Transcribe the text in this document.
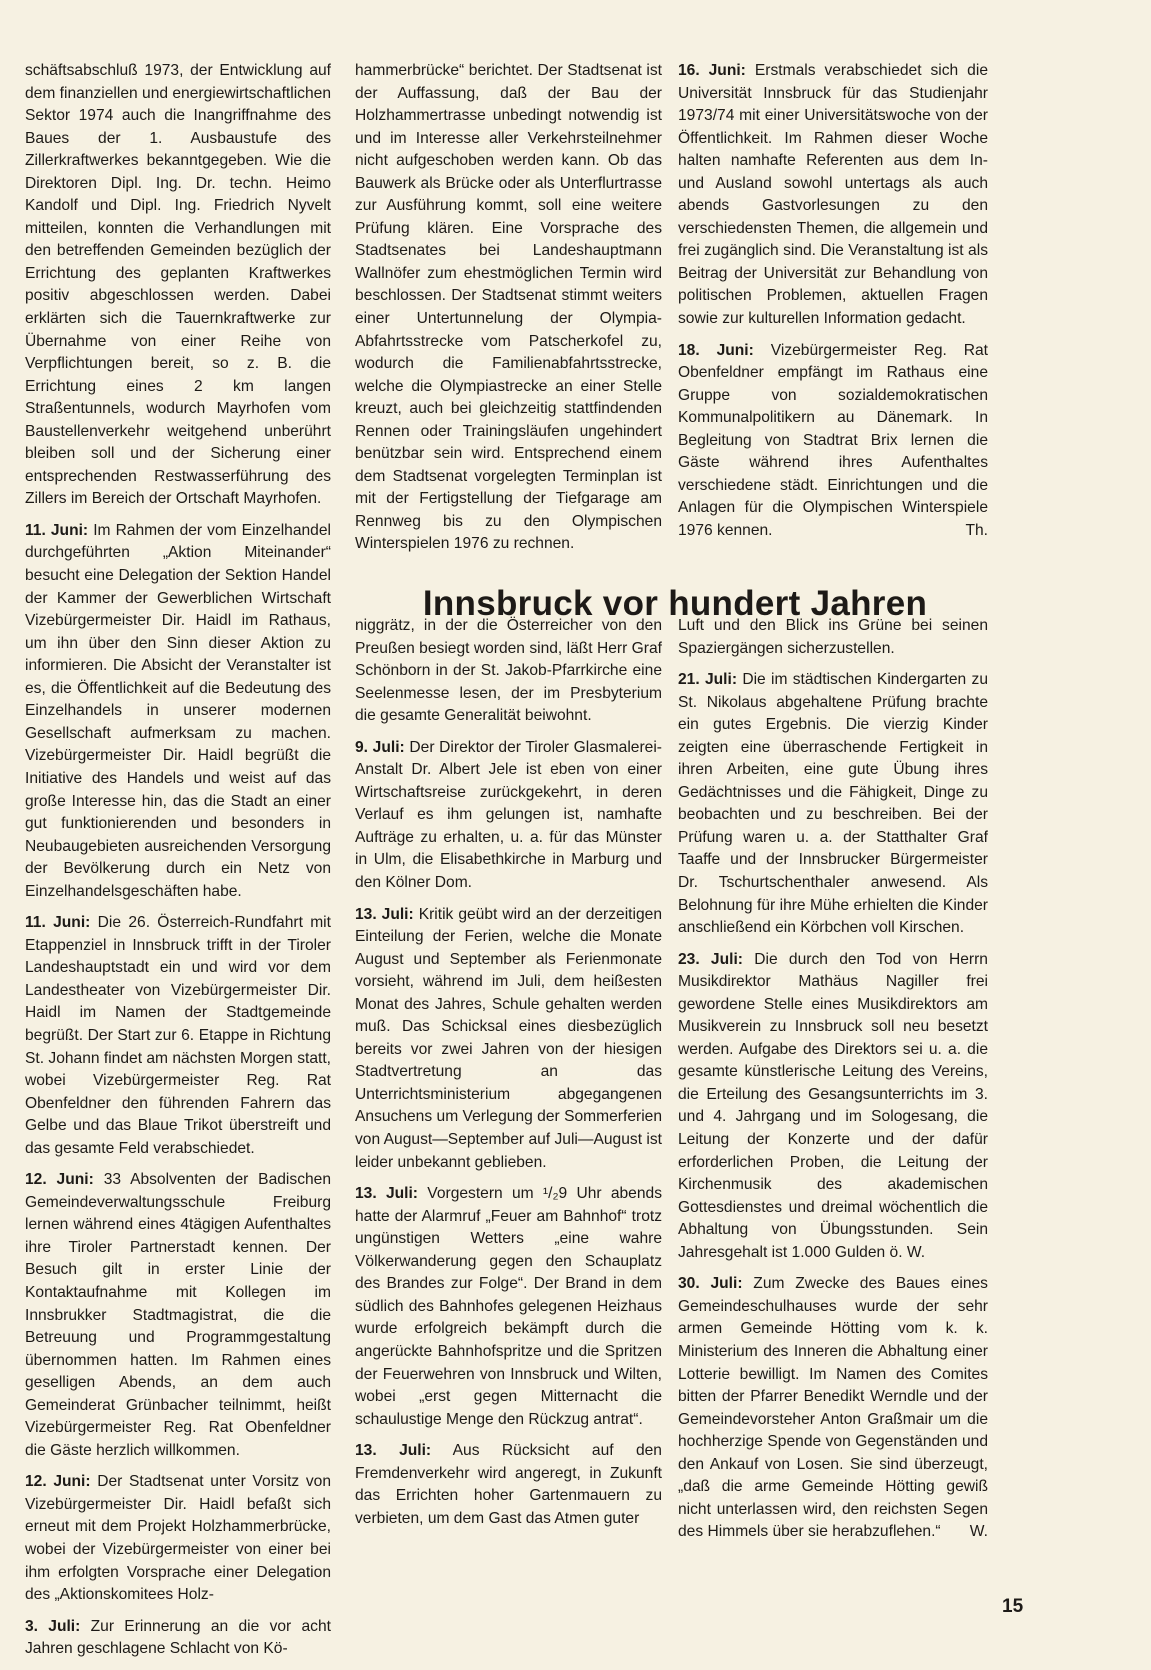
schäftsabschluß 1973, der Entwicklung auf dem finanziellen und energiewirtschaftlichen Sektor 1974 auch die Inangriffnahme des Baues der 1. Ausbaustufe des Zillerkraftwerkes bekanntgegeben. Wie die Direktoren Dipl. Ing. Dr. techn. Heimo Kandolf und Dipl. Ing. Friedrich Nyvelt mitteilen, konnten die Verhandlungen mit den betreffenden Gemeinden bezüglich der Errichtung des geplanten Kraftwerkes positiv abgeschlossen werden. Dabei erklärten sich die Tauernkraftwerke zur Übernahme von einer Reihe von Verpflichtungen bereit, so z. B. die Errichtung eines 2 km langen Straßentunnels, wodurch Mayrhofen vom Baustellenverkehr weitgehend unberührt bleiben soll und der Sicherung einer entsprechenden Restwasserführung des Zillers im Bereich der Ortschaft Mayrhofen.

11. Juni: Im Rahmen der vom Einzelhandel durchgeführten „Aktion Miteinander“ besucht eine Delegation der Sektion Handel der Kammer der Gewerblichen Wirtschaft Vizebürgermeister Dir. Haidl im Rathaus, um ihn über den Sinn dieser Aktion zu informieren. Die Absicht der Veranstalter ist es, die Öffentlichkeit auf die Bedeutung des Einzelhandels in unserer modernen Gesellschaft aufmerksam zu machen. Vizebürgermeister Dir. Haidl begrüßt die Initiative des Handels und weist auf das große Interesse hin, das die Stadt an einer gut funktionierenden und besonders in Neubaugebieten ausreichenden Versorgung der Bevölkerung durch ein Netz von Einzelhandelsgeschäften habe.

11. Juni: Die 26. Österreich-Rundfahrt mit Etappenziel in Innsbruck trifft in der Tiroler Landeshauptstadt ein und wird vor dem Landestheater von Vizebürgermeister Dir. Haidl im Namen der Stadtgemeinde begrüßt. Der Start zur 6. Etappe in Richtung St. Johann findet am nächsten Morgen statt, wobei Vizebürgermeister Reg. Rat Obenfeldner den führenden Fahrern das Gelbe und das Blaue Trikot überstreift und das gesamte Feld verabschiedet.

12. Juni: 33 Absolventen der Badischen Gemeindeverwaltungsschule Freiburg lernen während eines 4tägigen Aufenthaltes ihre Tiroler Partnerstadt kennen. Der Besuch gilt in erster Linie der Kontaktaufnahme mit Kollegen im Innsbrukker Stadtmagistrat, die die Betreuung und Programmgestaltung übernommen hatten. Im Rahmen eines geselligen Abends, an dem auch Gemeinderat Grünbacher teilnimmt, heißt Vizebürgermeister Reg. Rat Obenfeldner die Gäste herzlich willkommen.

12. Juni: Der Stadtsenat unter Vorsitz von Vizebürgermeister Dir. Haidl befaßt sich erneut mit dem Projekt Holzhammerbrücke, wobei der Vizebürgermeister von einer bei ihm erfolgten Vorsprache einer Delegation des „Aktionskomitees Holz-

3. Juli: Zur Erinnerung an die vor acht Jahren geschlagene Schlacht von Kö-

hammerbrücke“ berichtet. Der Stadtsenat ist der Auffassung, daß der Bau der Holzhammertrasse unbedingt notwendig ist und im Interesse aller Verkehrsteilnehmer nicht aufgeschoben werden kann. Ob das Bauwerk als Brücke oder als Unterflurtrasse zur Ausführung kommt, soll eine weitere Prüfung klären. Eine Vorsprache des Stadtsenates bei Landeshauptmann Wallnöfer zum ehestmöglichen Termin wird beschlossen. Der Stadtsenat stimmt weiters einer Untertunnelung der Olympia-Abfahrtsstrecke vom Patscherkofel zu, wodurch die Familienabfahrtsstrecke, welche die Olympiastrecke an einer Stelle kreuzt, auch bei gleichzeitig stattfindenden Rennen oder Trainingsläufen ungehindert benützbar sein wird. Entsprechend einem dem Stadtsenat vorgelegten Terminplan ist mit der Fertigstellung der Tiefgarage am Rennweg bis zu den Olympischen Winterspielen 1976 zu rechnen.

16. Juni: Erstmals verabschiedet sich die Universität Innsbruck für das Studienjahr 1973/74 mit einer Universitätswoche von der Öffentlichkeit. Im Rahmen dieser Woche halten namhafte Referenten aus dem In- und Ausland sowohl untertags als auch abends Gastvorlesungen zu den verschiedensten Themen, die allgemein und frei zugänglich sind. Die Veranstaltung ist als Beitrag der Universität zur Behandlung von politischen Problemen, aktuellen Fragen sowie zur kulturellen Information gedacht.

18. Juni: Vizebürgermeister Reg. Rat Obenfeldner empfängt im Rathaus eine Gruppe von sozialdemokratischen Kommunalpolitikern au Dänemark. In Begleitung von Stadtrat Brix lernen die Gäste während ihres Aufenthaltes verschiedene städt. Einrichtungen und die Anlagen für die Olympischen Winterspiele 1976 kennen.	Th.

Innsbruck vor hundert Jahren

niggrätz, in der die Österreicher von den Preußen besiegt worden sind, läßt Herr Graf Schönborn in der St. Jakob-Pfarrkirche eine Seelenmesse lesen, der im Presbyterium die gesamte Generalität beiwohnt.

9. Juli: Der Direktor der Tiroler Glasmalerei-Anstalt Dr. Albert Jele ist eben von einer Wirtschaftsreise zurückgekehrt, in deren Verlauf es ihm gelungen ist, namhafte Aufträge zu erhalten, u. a. für das Münster in Ulm, die Elisabethkirche in Marburg und den Kölner Dom.

13. Juli: Kritik geübt wird an der derzeitigen Einteilung der Ferien, welche die Monate August und September als Ferienmonate vorsieht, während im Juli, dem heißesten Monat des Jahres, Schule gehalten werden muß. Das Schicksal eines diesbezüglich bereits vor zwei Jahren von der hiesigen Stadtvertretung an das Unterrichtsministerium abgegangenen Ansuchens um Verlegung der Sommerferien von August—September auf Juli—August ist leider unbekannt geblieben.

13. Juli: Vorgestern um ¹/₂9 Uhr abends hatte der Alarmruf „Feuer am Bahnhof“ trotz ungünstigen Wetters „eine wahre Völkerwanderung gegen den Schauplatz des Brandes zur Folge“. Der Brand in dem südlich des Bahnhofes gelegenen Heizhaus wurde erfolgreich bekämpft durch die angerückte Bahnhofspritze und die Spritzen der Feuerwehren von Innsbruck und Wilten, wobei „erst gegen Mitternacht die schaulustige Menge den Rückzug antrat“.

13. Juli: Aus Rücksicht auf den Fremdenverkehr wird angeregt, in Zukunft das Errichten hoher Gartenmauern zu verbieten, um dem Gast das Atmen guter

Luft und den Blick ins Grüne bei seinen Spaziergängen sicherzustellen.

21. Juli: Die im städtischen Kindergarten zu St. Nikolaus abgehaltene Prüfung brachte ein gutes Ergebnis. Die vierzig Kinder zeigten eine überraschende Fertigkeit in ihren Arbeiten, eine gute Übung ihres Gedächtnisses und die Fähigkeit, Dinge zu beobachten und zu beschreiben. Bei der Prüfung waren u. a. der Statthalter Graf Taaffe und der Innsbrucker Bürgermeister Dr. Tschurtschenthaler anwesend. Als Belohnung für ihre Mühe erhielten die Kinder anschließend ein Körbchen voll Kirschen.

23. Juli: Die durch den Tod von Herrn Musikdirektor Mathäus Nagiller frei gewordene Stelle eines Musikdirektors am Musikverein zu Innsbruck soll neu besetzt werden. Aufgabe des Direktors sei u. a. die gesamte künstlerische Leitung des Vereins, die Erteilung des Gesangsunterrichts im 3. und 4. Jahrgang und im Sologesang, die Leitung der Konzerte und der dafür erforderlichen Proben, die Leitung der Kirchenmusik des akademischen Gottesdienstes und dreimal wöchentlich die Abhaltung von Übungsstunden. Sein Jahresgehalt ist 1.000 Gulden ö. W.

30. Juli: Zum Zwecke des Baues eines Gemeindeschulhauses wurde der sehr armen Gemeinde Hötting vom k. k. Ministerium des Inneren die Abhaltung einer Lotterie bewilligt. Im Namen des Comites bitten der Pfarrer Benedikt Werndle und der Gemeindevorsteher Anton Graßmair um die hochherzige Spende von Gegenständen und den Ankauf von Losen. Sie sind überzeugt, „daß die arme Gemeinde Hötting gewiß nicht unterlassen wird, den reichsten Segen des Himmels über sie herabzuflehen.“ W.

15
